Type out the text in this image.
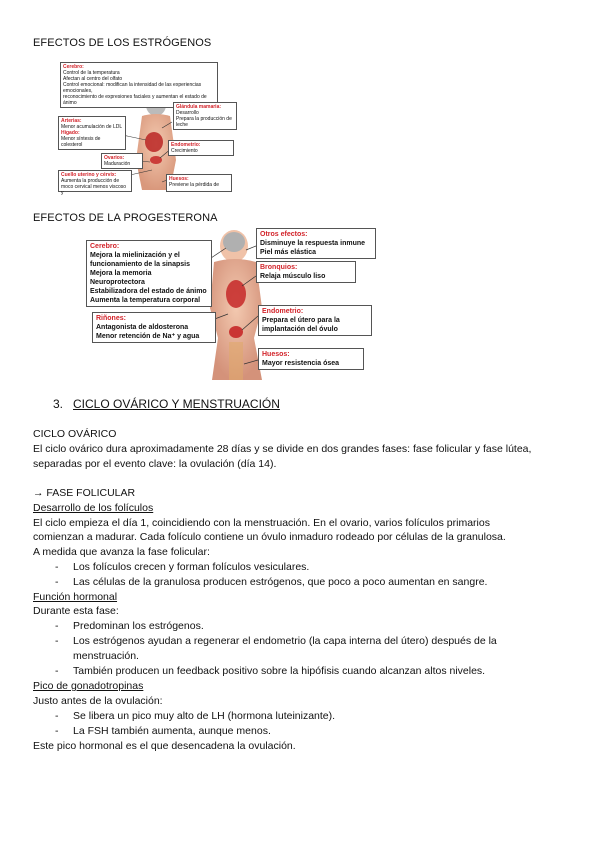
EFECTOS DE LOS ESTRÓGENOS
Cerebro:
Control de la temperatura
Afectan al centro del olfato
Control emocional: modifican la intensidad de las experiencias emocionales,
reconocimiento de expresiones faciales y aumentan el estado de ánimo
Glándula mamaria:
Desarrollo
Prepara la producción de
leche
Arterias:
Menor acumulación de LDL
Hígado:
Menor síntesis de colesterol	Endometrio:
Crecimiento
Ovarios:
Maduración
Cuello uterino y cérvix:
Aumenta la producción de
moco cervical menos viscoso y
Huesos:
Previene la pérdida de
EFECTOS DE LA PROGESTERONA
Cerebro:
Mejora la mielinización y el
funcionamiento de la sinapsis
Mejora la memoria
Neuroprotectora
Estabilizadora del estado de ánimo
Aumenta la temperatura corporal
Otros efectos:
Disminuye la respuesta inmune
Piel más elástica
Bronquios:
Relaja músculo liso
Riñones:
Antagonista de aldosterona
Menor retención de Na⁺ y agua
Endometrio:
Prepara el útero para la
implantación del óvulo
Huesos:
Mayor resistencia ósea
3. CICLO OVÁRICO Y MENSTRUACIÓN
CICLO OVÁRICO
El ciclo ovárico dura aproximadamente 28 días y se divide en dos grandes fases: fase folicular y fase lútea,
separadas por el evento clave: la ovulación (día 14).
→ FASE FOLICULAR
Desarrollo de los folículos
El ciclo empieza el día 1, coincidiendo con la menstruación. En el ovario, varios folículos primarios
comienzan a madurar. Cada folículo contiene un óvulo inmaduro rodeado por células de la granulosa.
A medida que avanza la fase folicular:
- Los folículos crecen y forman folículos vesiculares.
- Las células de la granulosa producen estrógenos, que poco a poco aumentan en sangre.
Función hormonal
Durante esta fase:
- Predominan los estrógenos.
- Los estrógenos ayudan a regenerar el endometrio (la capa interna del útero) después de la
menstruación.
- También producen un feedback positivo sobre la hipófisis cuando alcanzan altos niveles.
Pico de gonadotropinas
Justo antes de la ovulación:
- Se libera un pico muy alto de LH (hormona luteinizante).
- La FSH también aumenta, aunque menos.
Este pico hormonal es el que desencadena la ovulación.
